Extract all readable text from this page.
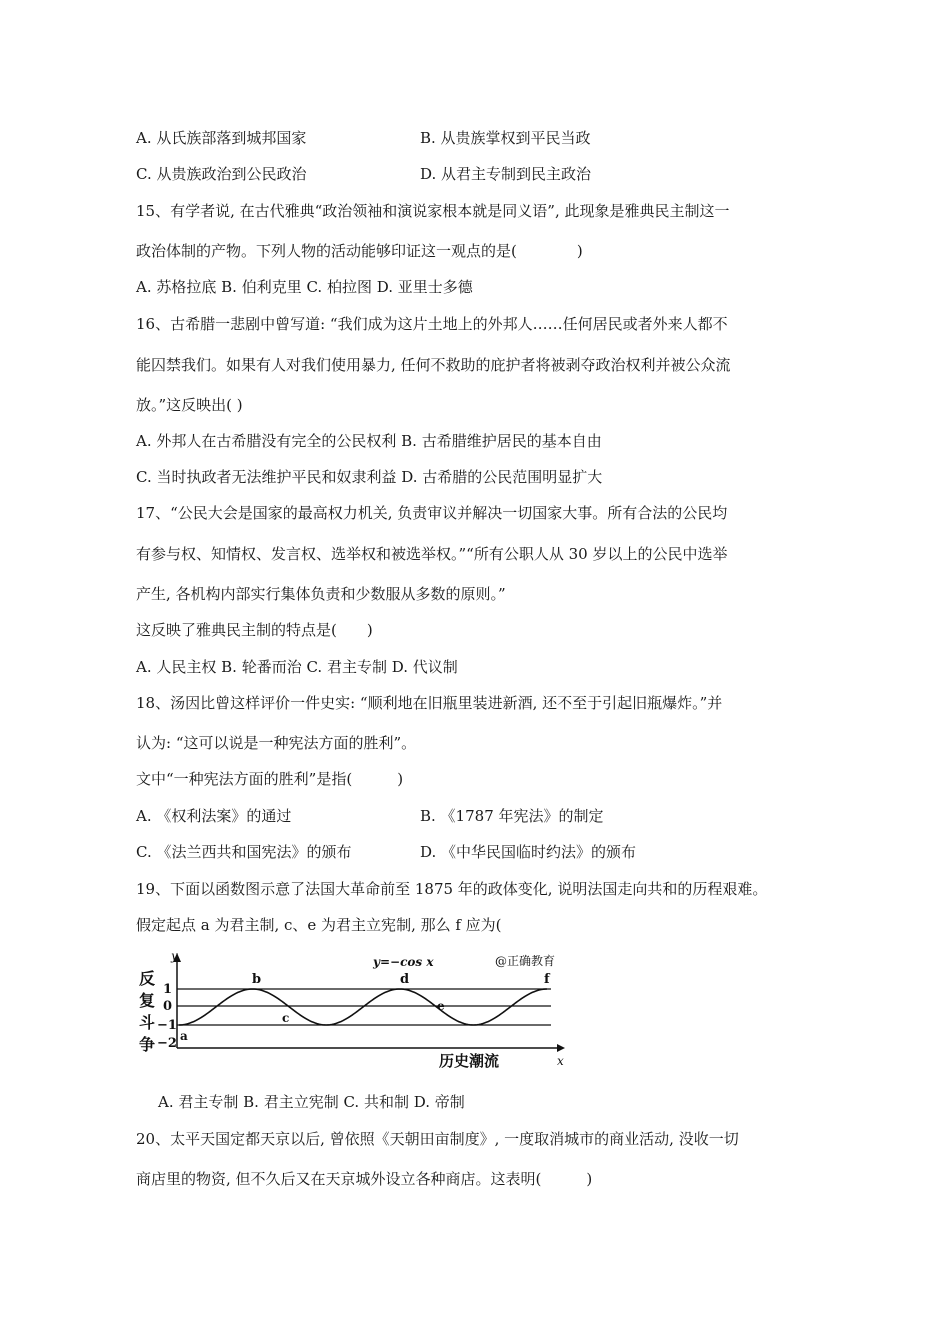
A. 从氏族部落到城邦国家	B. 从贵族掌权到平民当政
C. 从贵族政治到公民政治	D. 从君主专制到民主政治
15、有学者说, 在古代雅典“政治领袖和演说家根本就是同义语”, 此现象是雅典民主制这一
政治体制的产物。下列人物的活动能够印证这一观点的是(　　　　)
A. 苏格拉底 B. 伯利克里 C. 柏拉图 D. 亚里士多德
16、古希腊一悲剧中曾写道: “我们成为这片土地上的外邦人……任何居民或者外来人都不
能囚禁我们。如果有人对我们使用暴力, 任何不救助的庇护者将被剥夺政治权利并被公众流
放。”这反映出( )
A. 外邦人在古希腊没有完全的公民权利 B. 古希腊维护居民的基本自由
C. 当时执政者无法维护平民和奴隶利益 D. 古希腊的公民范围明显扩大
17、“公民大会是国家的最高权力机关, 负责审议并解决一切国家大事。所有合法的公民均
有参与权、知情权、发言权、选举权和被选举权。”“所有公职人从 30 岁以上的公民中选举
产生, 各机构内部实行集体负责和少数服从多数的原则。”
这反映了雅典民主制的特点是(　　)
A. 人民主权 B. 轮番而治 C. 君主专制 D. 代议制
18、汤因比曾这样评价一件史实: “顺利地在旧瓶里装进新酒, 还不至于引起旧瓶爆炸。”并
认为: “这可以说是一种宪法方面的胜利”。
文中“一种宪法方面的胜利”是指(　　　)
A. 《权利法案》的通过	B. 《1787 年宪法》的制定
C. 《法兰西共和国宪法》的颁布	D. 《中华民国临时约法》的颁布
19、下面以函数图示意了法国大革命前至 1875 年的政体变化, 说明法国走向共和的历程艰难。
假定起点 a 为君主制, c、e 为君主立宪制, 那么 f 应为(
反
复
斗
争
y
1
0
−1
−2
y=−cos x	@正确教育
历史潮流	x
a
b
c
d
e
f
A. 君主专制 B. 君主立宪制 C. 共和制 D. 帝制
20、太平天国定都天京以后, 曾依照《天朝田亩制度》, 一度取消城市的商业活动, 没收一切
商店里的物资, 但不久后又在天京城外设立各种商店。这表明(　　　)
